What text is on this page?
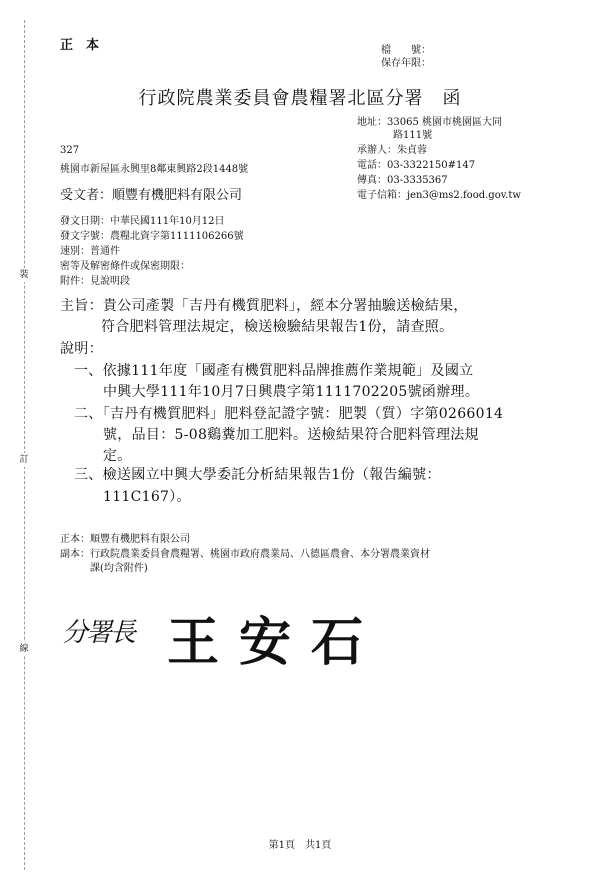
裝
訂
線
正本	檔　　號：
保存年限：
行政院農業委員會農糧署北區分署　函
地址：33065 桃園市桃園區大同
路111號
承辦人：朱貞蓉
電話：03-3322150#147
傳真：03-3335367
電子信箱：jen3@ms2.food.gov.tw
327
桃園市新屋區永興里8鄰東興路2段1448號
受文者：順豐有機肥料有限公司
發文日期：中華民國111年10月12日
發文字號：農糧北資字第1111106266號
速別：普通件
密等及解密條件或保密期限：
附件：見說明段
主旨：貴公司產製「吉丹有機質肥料」，經本分署抽驗送檢結果，
符合肥料管理法規定，檢送檢驗結果報告1份，請查照。
說明：
一、依據111年度「國產有機質肥料品牌推薦作業規範」及國立
中興大學111年10月7日興農字第1111702205號函辦理。
二、「吉丹有機質肥料」肥料登記證字號：肥製（質）字第0266014
號，品目：5-08鷄糞加工肥料。送檢結果符合肥料管理法規
定。
三、檢送國立中興大學委託分析結果報告1份（報告編號：
111C167）。
正本：順豐有機肥料有限公司
副本：行政院農業委員會農糧署、桃園市政府農業局、八德區農會、本分署農業資材
課(均含附件)
分署長 王安石
第1頁　共1頁
